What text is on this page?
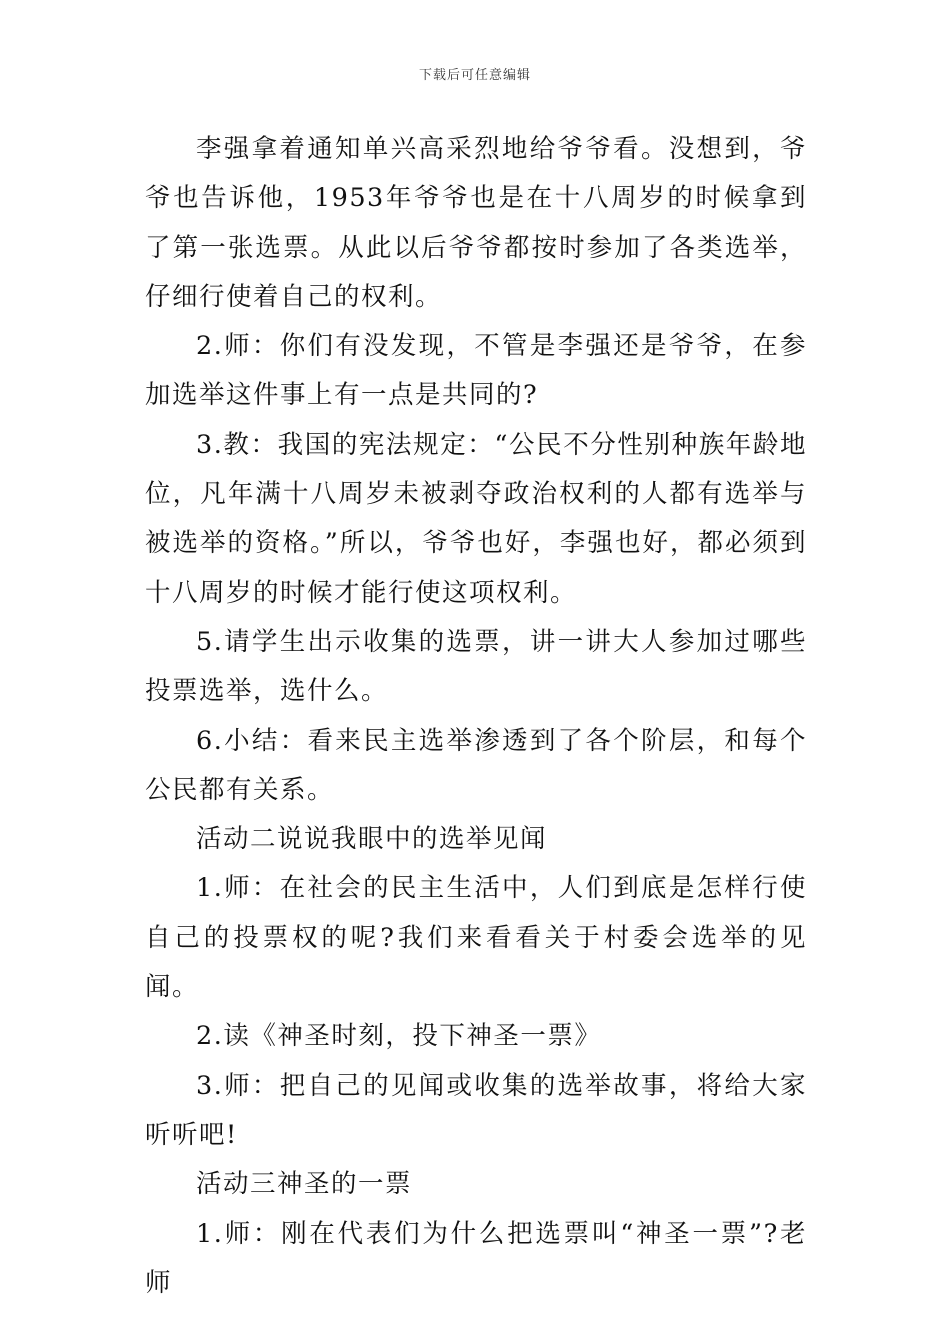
下载后可任意编辑

李强拿着通知单兴高采烈地给爷爷看。没想到，爷爷也告诉他，1953年爷爷也是在十八周岁的时候拿到了第一张选票。从此以后爷爷都按时参加了各类选举，仔细行使着自己的权利。

2.师：你们有没发现，不管是李强还是爷爷，在参加选举这件事上有一点是共同的?

3.教：我国的宪法规定：“公民不分性别种族年龄地位，凡年满十八周岁未被剥夺政治权利的人都有选举与被选举的资格。”所以，爷爷也好，李强也好，都必须到十八周岁的时候才能行使这项权利。

5.请学生出示收集的选票，讲一讲大人参加过哪些投票选举，选什么。

6.小结：看来民主选举渗透到了各个阶层，和每个公民都有关系。

活动二说说我眼中的选举见闻

1.师：在社会的民主生活中，人们到底是怎样行使自己的投票权的呢?我们来看看关于村委会选举的见闻。

2.读《神圣时刻，投下神圣一票》

3.师：把自己的见闻或收集的选举故事，将给大家听听吧!

活动三神圣的一票

1.师：刚在代表们为什么把选票叫“神圣一票”?老师
